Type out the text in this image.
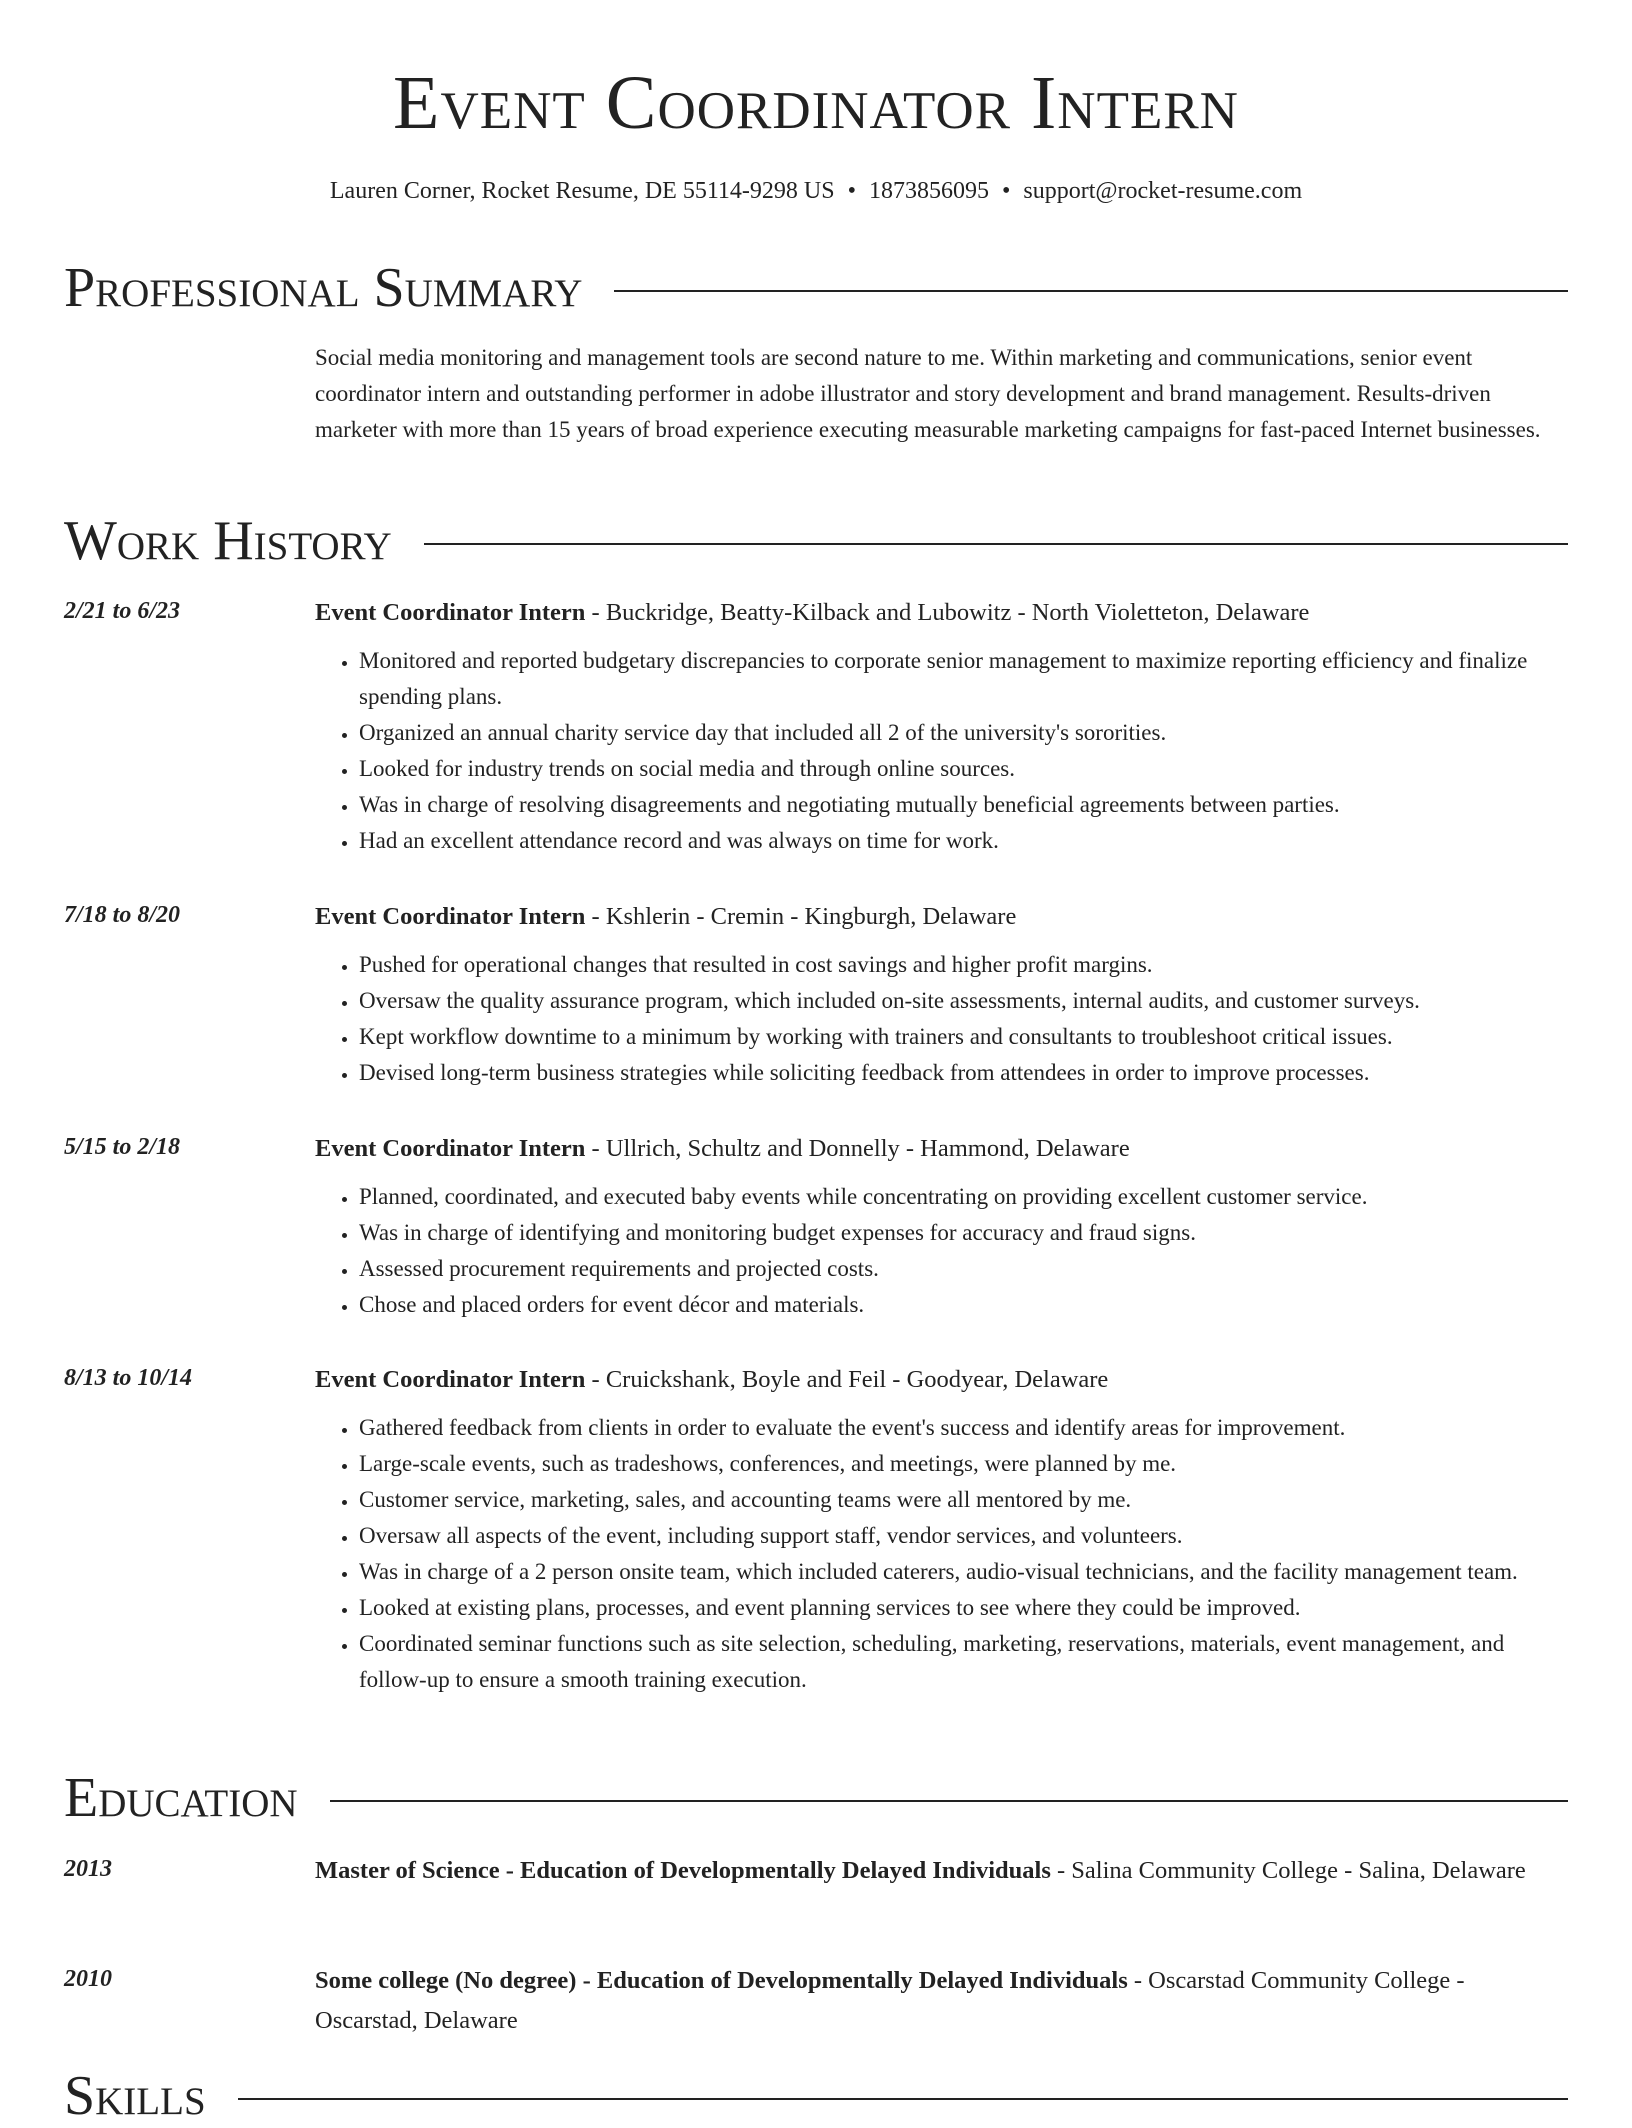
Event Coordinator Intern
Lauren Corner, Rocket Resume, DE 55114-9298 US • 1873856095 • support@rocket-resume.com
Professional Summary
Social media monitoring and management tools are second nature to me. Within marketing and communications, senior event coordinator intern and outstanding performer in adobe illustrator and story development and brand management. Results-driven marketer with more than 15 years of broad experience executing measurable marketing campaigns for fast-paced Internet businesses.
Work History
2/21 to 6/23	Event Coordinator Intern - Buckridge, Beatty-Kilback and Lubowitz - North Violetteton, Delaware
• Monitored and reported budgetary discrepancies to corporate senior management to maximize reporting efficiency and finalize spending plans.
• Organized an annual charity service day that included all 2 of the university's sororities.
• Looked for industry trends on social media and through online sources.
• Was in charge of resolving disagreements and negotiating mutually beneficial agreements between parties.
• Had an excellent attendance record and was always on time for work.
7/18 to 8/20	Event Coordinator Intern - Kshlerin - Cremin - Kingburgh, Delaware
• Pushed for operational changes that resulted in cost savings and higher profit margins.
• Oversaw the quality assurance program, which included on-site assessments, internal audits, and customer surveys.
• Kept workflow downtime to a minimum by working with trainers and consultants to troubleshoot critical issues.
• Devised long-term business strategies while soliciting feedback from attendees in order to improve processes.
5/15 to 2/18	Event Coordinator Intern - Ullrich, Schultz and Donnelly - Hammond, Delaware
• Planned, coordinated, and executed baby events while concentrating on providing excellent customer service.
• Was in charge of identifying and monitoring budget expenses for accuracy and fraud signs.
• Assessed procurement requirements and projected costs.
• Chose and placed orders for event décor and materials.
8/13 to 10/14	Event Coordinator Intern - Cruickshank, Boyle and Feil - Goodyear, Delaware
• Gathered feedback from clients in order to evaluate the event's success and identify areas for improvement.
• Large-scale events, such as tradeshows, conferences, and meetings, were planned by me.
• Customer service, marketing, sales, and accounting teams were all mentored by me.
• Oversaw all aspects of the event, including support staff, vendor services, and volunteers.
• Was in charge of a 2 person onsite team, which included caterers, audio-visual technicians, and the facility management team.
• Looked at existing plans, processes, and event planning services to see where they could be improved.
• Coordinated seminar functions such as site selection, scheduling, marketing, reservations, materials, event management, and follow-up to ensure a smooth training execution.
Education
2013	Master of Science - Education of Developmentally Delayed Individuals - Salina Community College - Salina, Delaware
2010	Some college (No degree) - Education of Developmentally Delayed Individuals - Oscarstad Community College - Oscarstad, Delaware
Skills
